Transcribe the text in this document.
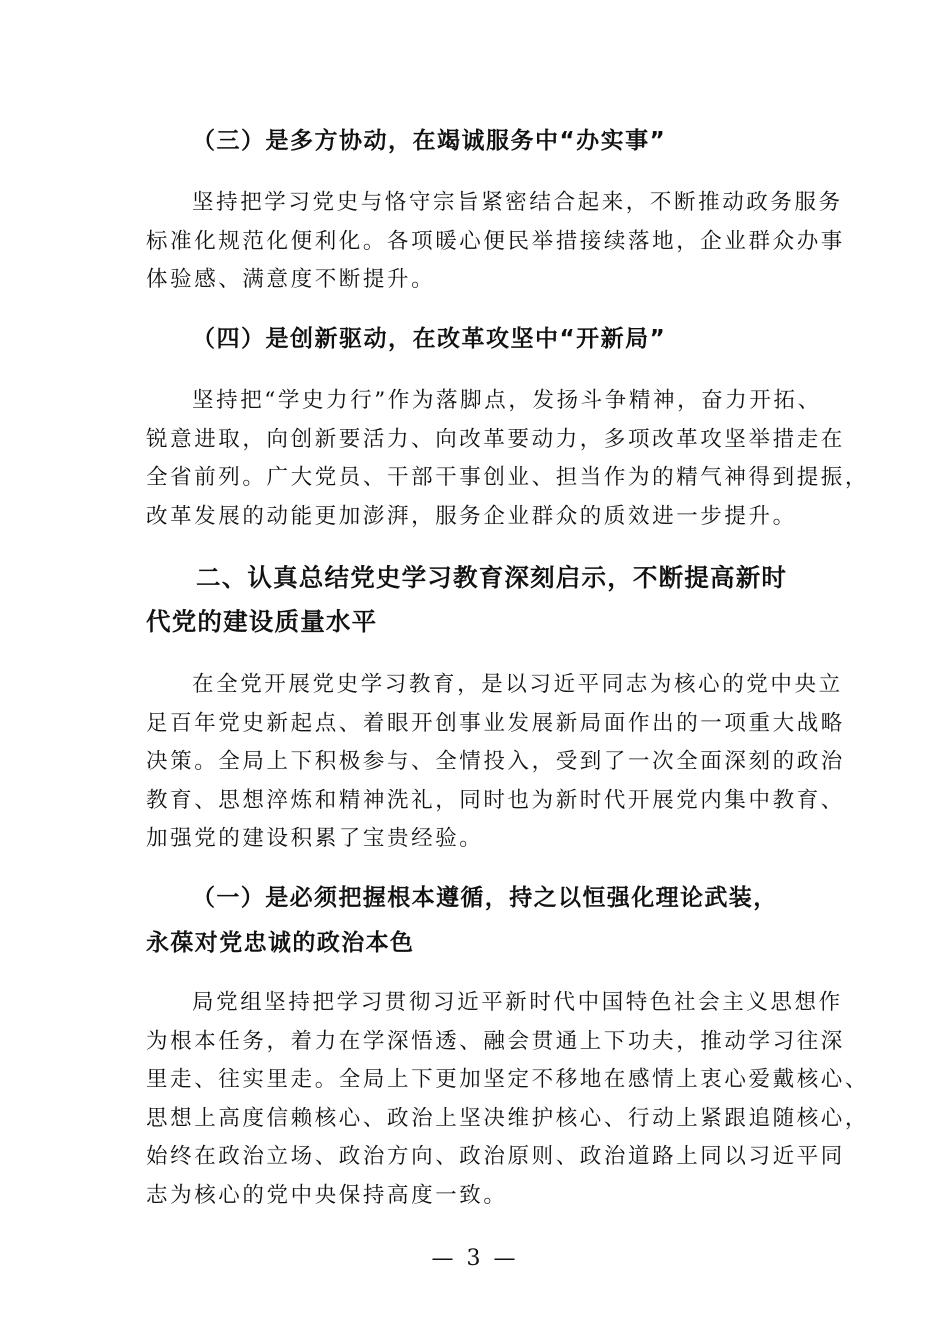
（三）是多方协动，在竭诚服务中“办实事”

坚持把学习党史与恪守宗旨紧密结合起来，不断推动政务服务
标准化规范化便利化。各项暖心便民举措接续落地，企业群众办事
体验感、满意度不断提升。

（四）是创新驱动，在改革攻坚中“开新局”

坚持把“学史力行”作为落脚点，发扬斗争精神，奋力开拓、
锐意进取，向创新要活力、向改革要动力，多项改革攻坚举措走在
全省前列。广大党员、干部干事创业、担当作为的精气神得到提振，
改革发展的动能更加澎湃，服务企业群众的质效进一步提升。
二、认真总结党史学习教育深刻启示，不断提高新时
代党的建设质量水平
在全党开展党史学习教育，是以习近平同志为核心的党中央立
足百年党史新起点、着眼开创事业发展新局面作出的一项重大战略
决策。全局上下积极参与、全情投入，受到了一次全面深刻的政治
教育、思想淬炼和精神洗礼，同时也为新时代开展党内集中教育、
加强党的建设积累了宝贵经验。
（一）是必须把握根本遵循，持之以恒强化理论武装，
永葆对党忠诚的政治本色
局党组坚持把学习贯彻习近平新时代中国特色社会主义思想作
为根本任务，着力在学深悟透、融会贯通上下功夫，推动学习往深
里走、往实里走。全局上下更加坚定不移地在感情上衷心爱戴核心、
思想上高度信赖核心、政治上坚决维护核心、行动上紧跟追随核心，
始终在政治立场、政治方向、政治原则、政治道路上同以习近平同
志为核心的党中央保持高度一致。
— 3 —
